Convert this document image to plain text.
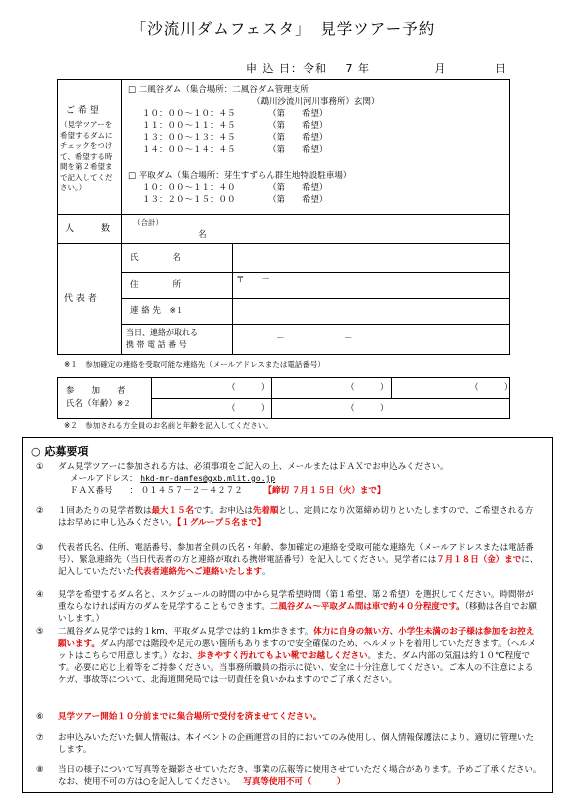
「沙流川ダムフェスタ」　見学ツアー予約
申 込 日：令和 7 年	月	日
ご 希 望
（見学ツアーを希望するダムにチェックをつけて、希望する時間を第２希望まで記入してください。）
□ 二風谷ダム（集合場所：二風谷ダム管理支所
（鵡川沙流川河川事務所）玄関）
１０：００～１０：４５	（第　　希望）
１１：００～１１：４５	（第　　希望）
１３：００～１３：４５	（第　　希望）
１４：００～１４：４５	（第　　希望）
□ 平取ダム（集合場所：芽生すずらん群生地特設駐車場）
１０：００～１１：４０	（第　　希望）
１３：２０～１５：００	（第　　希望）
人　　　数
（合計）
名
代 表 者
氏　　　　名
住　　　　所	〒　　－
連 絡 先 ※１
当日、連絡が取れる
携 帯 電 話 番 号
－　　　　　　　－
※１　参加確定の連絡を受取可能な連絡先（メールアドレスまたは電話番号）
参　　加　　者
氏名（年齢）※２
（　　　）	（　　　）	（　　　）
（　　　）	（　　　）
※２　参加される方全員のお名前と年齢を記入してください。
○ 応募要項
① ダム見学ツアーに参加される方は、必須事項をご記入の上、メールまたはＦＡＸでお申込みください。
メールアドレス： hkd-mr-damfes@gxb.mlit.go.jp
ＦＡＸ番号　　： ０１４５７－２－４２７２ 【締切 ７月１５日（火）まで】
② １回あたりの見学者数は最大１５名です。お申込は先着順とし、定員になり次第締め切りといたしますので、ご希望される方はお早めに申し込みください。【１グループ５名まで】
③ 代表者氏名、住所、電話番号、参加者全員の氏名・年齢、参加確定の連絡を受取可能な連絡先（メールアドレスまたは電話番号）、緊急連絡先（当日代表者の方と連絡が取れる携帯電話番号）を記入してください。見学者には７月１８日（金）までに、記入していただいた代表者連絡先へご連絡いたします。
④ 見学を希望するダム名と、スケジュールの時間の中から見学希望時間（第１希望、第２希望）を選択してください。時間帯が重ならなければ両方のダムを見学することもできます。二風谷ダム～平取ダム間は車で約４０分程度です。（移動は各自でお願いします。）
⑤ 二風谷ダム見学では約１km、平取ダム見学では約１km歩きます。体力に自身の無い方、小学生未満のお子様は参加をお控え願います。ダム内部では階段や足元の悪い箇所もありますので安全確保のため、ヘルメットを着用していただきます。（ヘルメットはこちらで用意します。）なお、歩きやすく汚れてもよい靴でお越しください。また、ダム内部の気温は約１０℃程度です。必要に応じ上着等をご持参ください。当事務所職員の指示に従い、安全に十分注意してください。ご本人の不注意によるケガ、事故等について、北海道開発局では一切責任を負いかねますのでご了承ください。
⑥ 見学ツアー開始１０分前までに集合場所で受付を済ませてください。
⑦ お申込みいただいた個人情報は、本イベントの企画運営の目的においてのみ使用し、個人情報保護法により、適切に管理いたします。
⑧ 当日の様子について写真等を撮影させていただき、事業の広報等に使用させていただく場合があります。予めご了承ください。なお、使用不可の方は○を記入してください。 写真等使用不可（　　　）
